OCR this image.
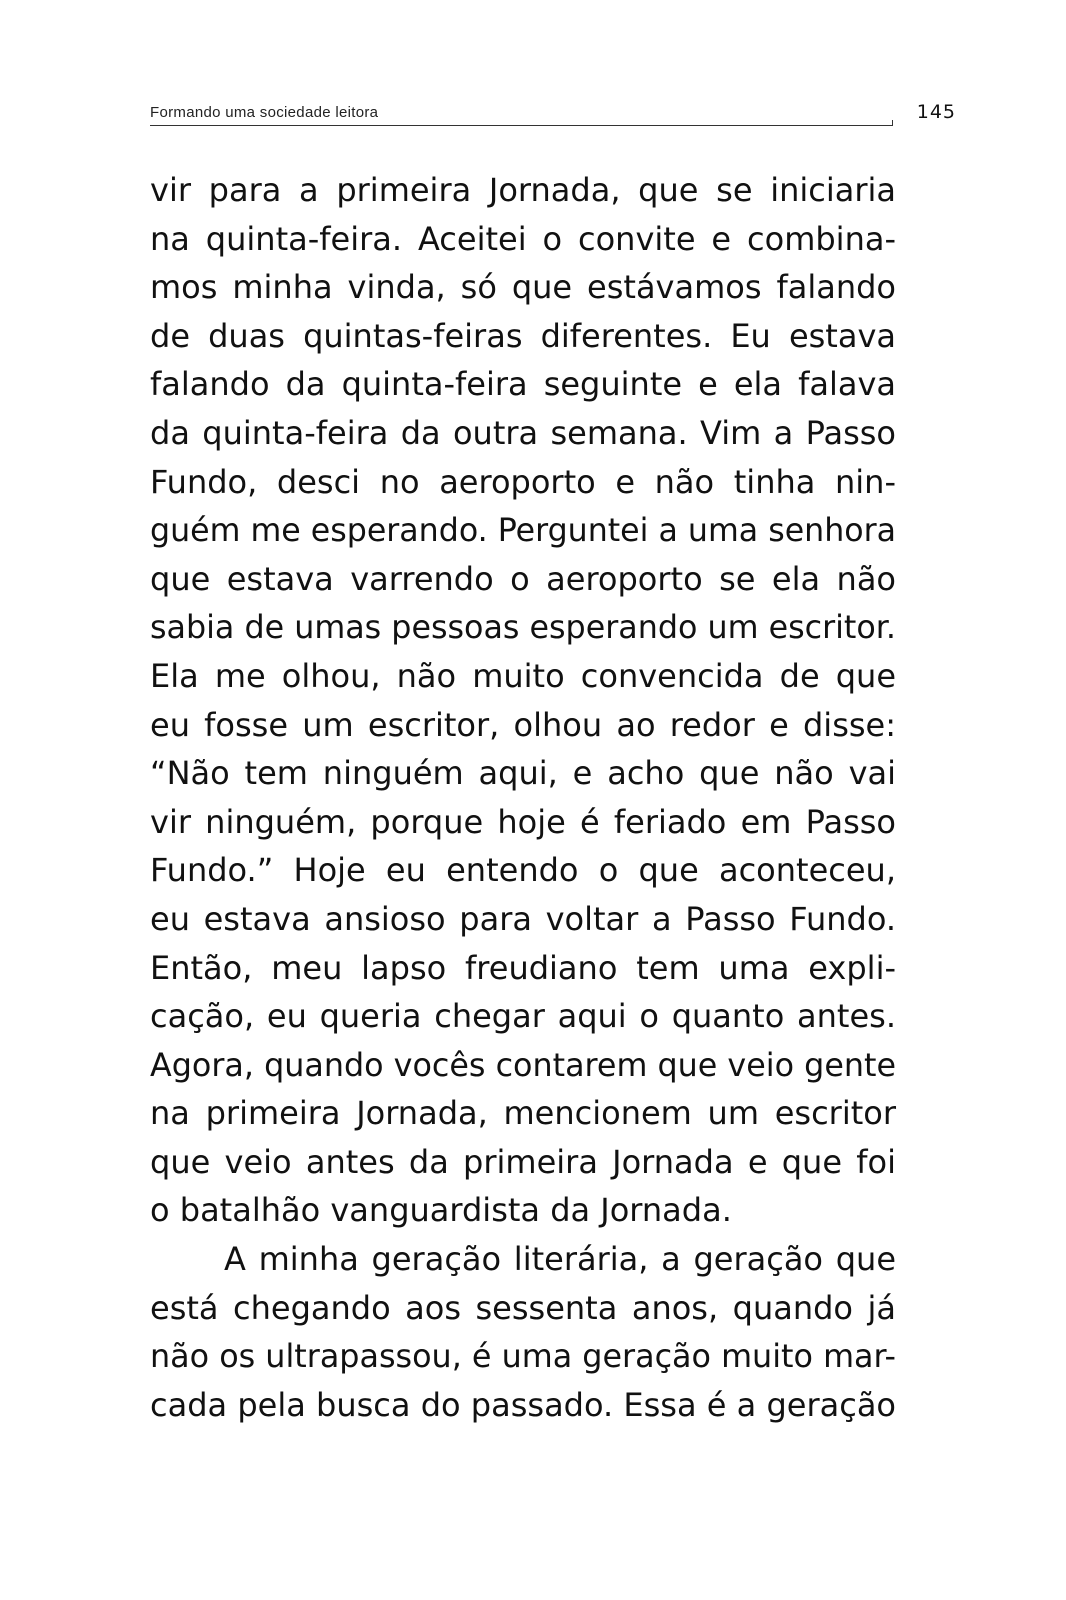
Formando uma sociedade leitora	145
vir para a primeira Jornada, que se iniciaria
na quinta-feira. Aceitei o convite e combina-
mos minha vinda, só que estávamos falando
de duas quintas-feiras diferentes. Eu estava
falando da quinta-feira seguinte e ela falava
da quinta-feira da outra semana. Vim a Passo
Fundo, desci no aeroporto e não tinha nin-
guém me esperando. Perguntei a uma senhora
que estava varrendo o aeroporto se ela não
sabia de umas pessoas esperando um escritor.
Ela me olhou, não muito convencida de que
eu fosse um escritor, olhou ao redor e disse:
“Não tem ninguém aqui, e acho que não vai
vir ninguém, porque hoje é feriado em Passo
Fundo.” Hoje eu entendo o que aconteceu,
eu estava ansioso para voltar a Passo Fundo.
Então, meu lapso freudiano tem uma expli-
cação, eu queria chegar aqui o quanto antes.
Agora, quando vocês contarem que veio gente
na primeira Jornada, mencionem um escritor
que veio antes da primeira Jornada e que foi
o batalhão vanguardista da Jornada.
A minha geração literária, a geração que
está chegando aos sessenta anos, quando já
não os ultrapassou, é uma geração muito mar-
cada pela busca do passado. Essa é a geração
